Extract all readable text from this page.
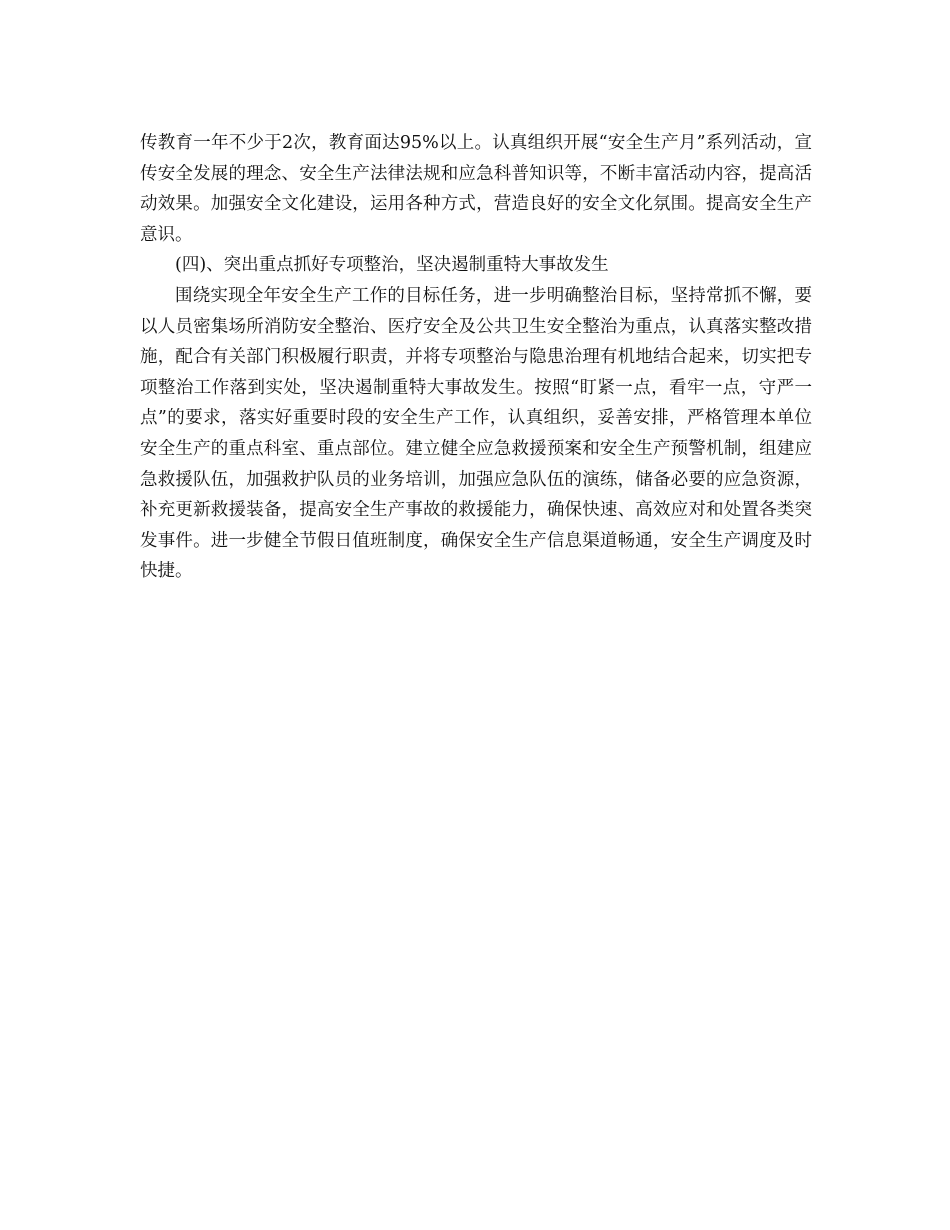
传教育一年不少于2次，教育面达95%以上。认真组织开展“安全生产月”系列活动，宣传安全发展的理念、安全生产法律法规和应急科普知识等，不断丰富活动内容，提高活动效果。加强安全文化建设，运用各种方式，营造良好的安全文化氛围。提高安全生产意识。

(四)、突出重点抓好专项整治，坚决遏制重特大事故发生

围绕实现全年安全生产工作的目标任务，进一步明确整治目标，坚持常抓不懈，要以人员密集场所消防安全整治、医疗安全及公共卫生安全整治为重点，认真落实整改措施，配合有关部门积极履行职责，并将专项整治与隐患治理有机地结合起来，切实把专项整治工作落到实处，坚决遏制重特大事故发生。按照“盯紧一点，看牢一点，守严一点”的要求，落实好重要时段的安全生产工作，认真组织，妥善安排，严格管理本单位安全生产的重点科室、重点部位。建立健全应急救援预案和安全生产预警机制，组建应急救援队伍，加强救护队员的业务培训，加强应急队伍的演练，储备必要的应急资源，补充更新救援装备，提高安全生产事故的救援能力，确保快速、高效应对和处置各类突发事件。进一步健全节假日值班制度，确保安全生产信息渠道畅通，安全生产调度及时快捷。
